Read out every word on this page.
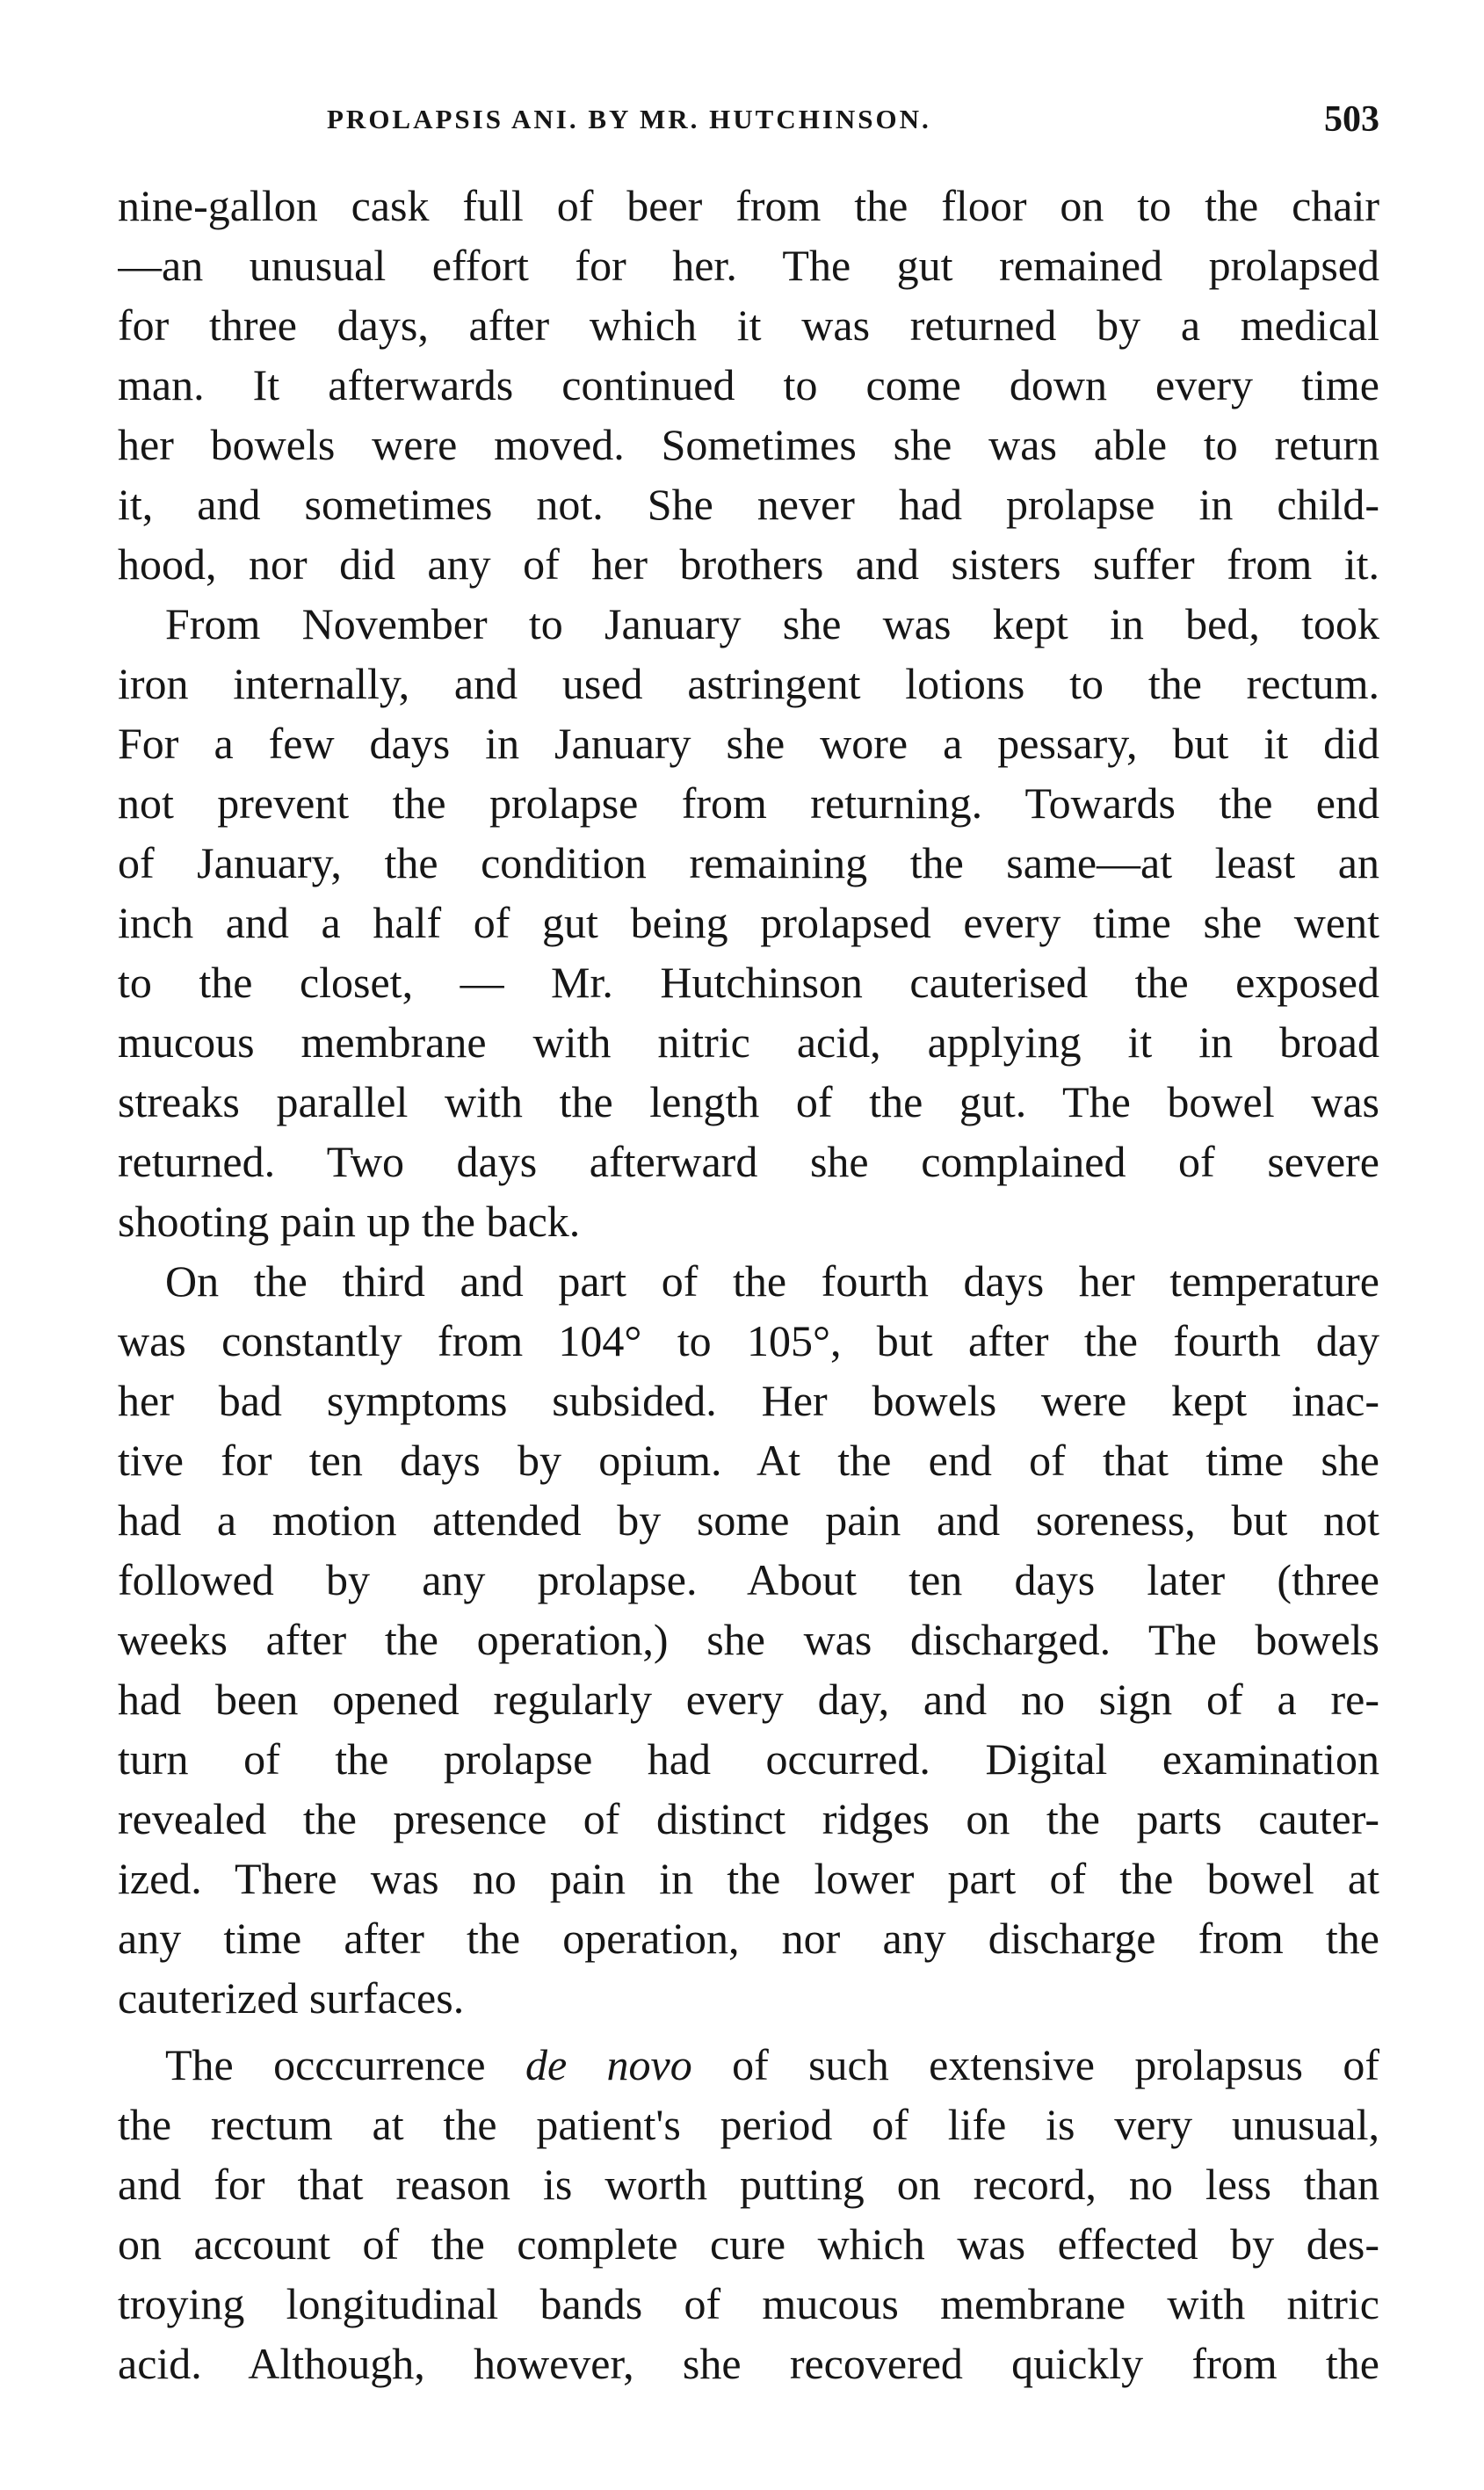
PROLAPSIS ANI. BY MR. HUTCHINSON.	503
nine-gallon cask full of beer from the floor on to the chair
—an unusual effort for her. The gut remained prolapsed
for three days, after which it was returned by a medical
man. It afterwards continued to come down every time
her bowels were moved. Sometimes she was able to return
it, and sometimes not. She never had prolapse in child-
hood, nor did any of her brothers and sisters suffer from it.
From November to January she was kept in bed, took
iron internally, and used astringent lotions to the rectum.
For a few days in January she wore a pessary, but it did
not prevent the prolapse from returning. Towards the end
of January, the condition remaining the same—at least an
inch and a half of gut being prolapsed every time she went
to the closet, — Mr. Hutchinson cauterised the exposed
mucous membrane with nitric acid, applying it in broad
streaks parallel with the length of the gut. The bowel was
returned. Two days afterward she complained of severe
shooting pain up the back.
On the third and part of the fourth days her temperature
was constantly from 104° to 105°, but after the fourth day
her bad symptoms subsided. Her bowels were kept inac-
tive for ten days by opium. At the end of that time she
had a motion attended by some pain and soreness, but not
followed by any prolapse. About ten days later (three
weeks after the operation,) she was discharged. The bowels
had been opened regularly every day, and no sign of a re-
turn of the prolapse had occurred. Digital examination
revealed the presence of distinct ridges on the parts cauter-
ized. There was no pain in the lower part of the bowel at
any time after the operation, nor any discharge from the
cauterized surfaces.
The occcurrence de novo of such extensive prolapsus of
the rectum at the patient's period of life is very unusual,
and for that reason is worth putting on record, no less than
on account of the complete cure which was effected by des-
troying longitudinal bands of mucous membrane with nitric
acid. Although, however, she recovered quickly from the
